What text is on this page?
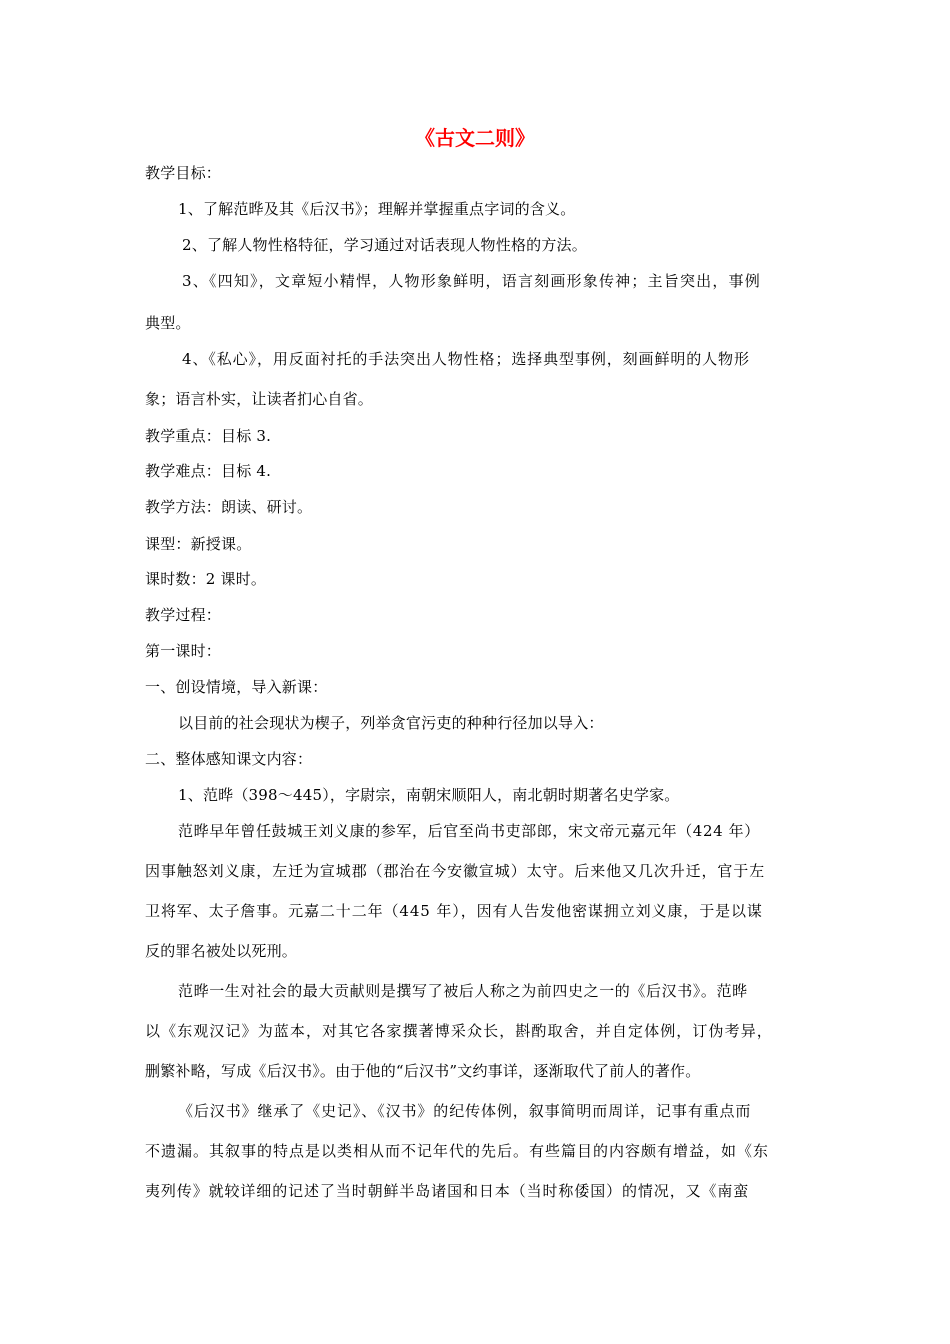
《古文二则》
教学目标：
1、了解范晔及其《后汉书》；理解并掌握重点字词的含义。
2、了解人物性格特征，学习通过对话表现人物性格的方法。
3、《四知》，文章短小精悍，人物形象鲜明，语言刻画形象传神；主旨突出，事例
典型。
4、《私心》，用反面衬托的手法突出人物性格；选择典型事例，刻画鲜明的人物形
象；语言朴实，让读者扪心自省。
教学重点：目标 3.
教学难点：目标 4.
教学方法：朗读、研讨。
课型：新授课。
课时数：2 课时。
教学过程：
第一课时：
一、创设情境，导入新课：
以目前的社会现状为楔子，列举贪官污吏的种种行径加以导入：
二、整体感知课文内容：
1、范晔（398～445），字尉宗，南朝宋顺阳人，南北朝时期著名史学家。
范晔早年曾任鼓城王刘义康的参军，后官至尚书吏部郎，宋文帝元嘉元年（424 年）
因事触怒刘义康，左迁为宣城郡（郡治在今安徽宣城）太守。后来他又几次升迁，官于左
卫将军、太子詹事。元嘉二十二年（445 年），因有人告发他密谋拥立刘义康，于是以谋
反的罪名被处以死刑。
范晔一生对社会的最大贡献则是撰写了被后人称之为前四史之一的《后汉书》。范晔
以《东观汉记》为蓝本，对其它各家撰著博采众长，斟酌取舍，并自定体例，订伪考异，
删繁补略，写成《后汉书》。由于他的“后汉书”文约事详，逐渐取代了前人的著作。
《后汉书》继承了《史记》、《汉书》的纪传体例，叙事简明而周详，记事有重点而
不遗漏。其叙事的特点是以类相从而不记年代的先后。有些篇目的内容颇有增益，如《东
夷列传》就较详细的记述了当时朝鲜半岛诸国和日本（当时称倭国）的情况，又《南蛮
